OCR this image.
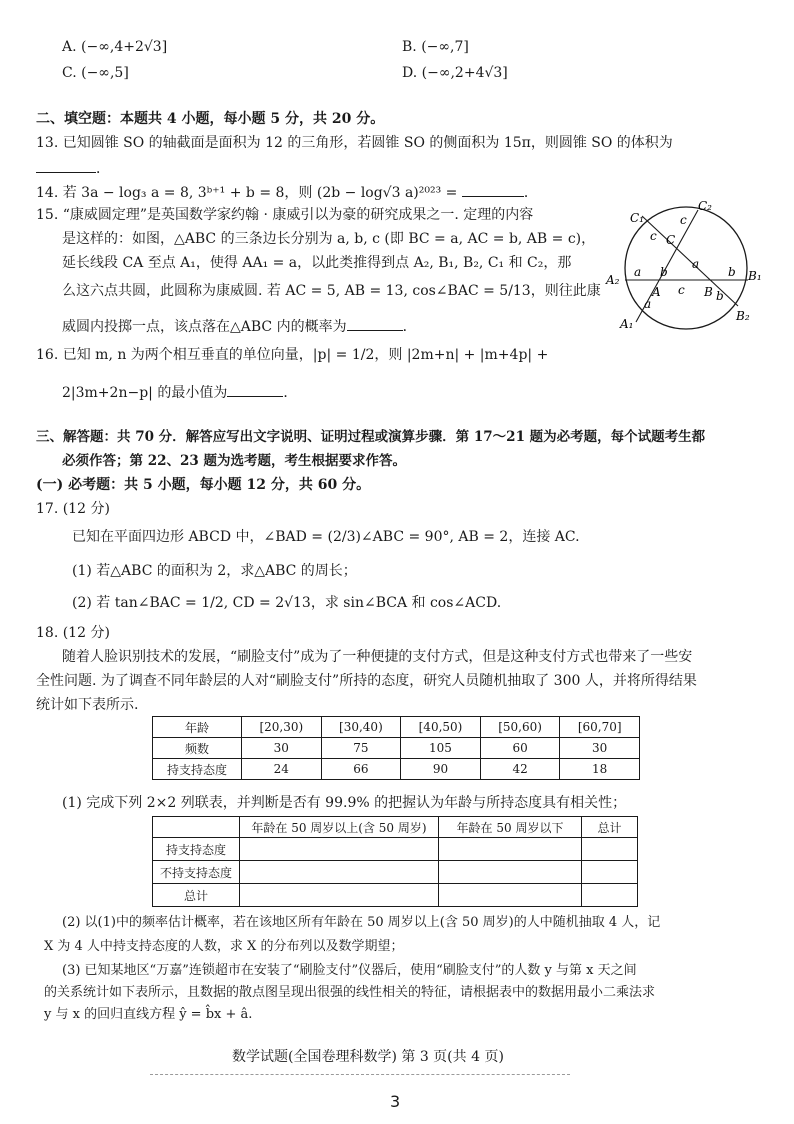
A. (−∞,4+2√3]	B. (−∞,7]
C. (−∞,5]	D. (−∞,2+4√3]
二、填空题：本题共 4 小题，每小题 5 分，共 20 分。
13. 已知圆锥 SO 的轴截面是面积为 12 的三角形，若圆锥 SO 的侧面积为 15π，则圆锥 SO 的体积为
．
14. 若 3a − log₃ a = 8, 3ᵇ⁺¹ + b = 8，则 (2b − log√3 a)²⁰²³ =	．
15. “康威圆定理”是英国数学家约翰 · 康威引以为豪的研究成果之一. 定理的内容
是这样的：如图，△ABC 的三条边长分别为 a, b, c (即 BC = a, AC = b, AB = c)，
延长线段 CA 至点 A₁，使得 AA₁ = a，以此类推得到点 A₂, B₁, B₂, C₁ 和 C₂，那
么这六点共圆，此圆称为康威圆. 若 AC = 5, AB = 13, cos∠BAC = 5/13，则往此康
威圆内投掷一点，该点落在△ABC 内的概率为	．
C₁
C₂
A₂	B₁
B₂
A₁
C
A	B
c
c
c
b
a
a
a
b
b
16. 已知 m, n 为两个相互垂直的单位向量，|p| = 1/2，则 |2m+n| + |m+4p| +
2|3m+2n−p| 的最小值为	．
三、解答题：共 70 分．解答应写出文字说明、证明过程或演算步骤．第 17～21 题为必考题，每个试题考生都
必须作答；第 22、23 题为选考题，考生根据要求作答。
(一) 必考题：共 5 小题，每小题 12 分，共 60 分。
17. (12 分)
已知在平面四边形 ABCD 中，∠BAD = (2/3)∠ABC = 90°, AB = 2，连接 AC.
(1) 若△ABC 的面积为 2，求△ABC 的周长；
(2) 若 tan∠BAC = 1/2, CD = 2√13，求 sin∠BCA 和 cos∠ACD.
18. (12 分)
随着人脸识别技术的发展，“刷脸支付”成为了一种便捷的支付方式，但是这种支付方式也带来了一些安
全性问题. 为了调查不同年龄层的人对“刷脸支付”所持的态度，研究人员随机抽取了 300 人，并将所得结果
统计如下表所示.
年龄	[20,30)	[30,40)	[40,50)	[50,60)	[60,70]
频数	30	75	105	60	30
持支持态度	24	66	90	42	18
(1) 完成下列 2×2 列联表，并判断是否有 99.9% 的把握认为年龄与所持态度具有相关性；
	年龄在 50 周岁以上(含 50 周岁)	年龄在 50 周岁以下	总计
持支持态度			
不持支持态度			
总计			
(2) 以(1)中的频率估计概率，若在该地区所有年龄在 50 周岁以上(含 50 周岁)的人中随机抽取 4 人，记
X 为 4 人中持支持态度的人数，求 X 的分布列以及数学期望；
(3) 已知某地区“万嘉”连锁超市在安装了“刷脸支付”仪器后，使用“刷脸支付”的人数 y 与第 x 天之间
的关系统计如下表所示，且数据的散点图呈现出很强的线性相关的特征，请根据表中的数据用最小二乘法求
y 与 x 的回归直线方程 ŷ = b̂x + â.
数学试题(全国卷理科数学) 第 3 页(共 4 页)
3
